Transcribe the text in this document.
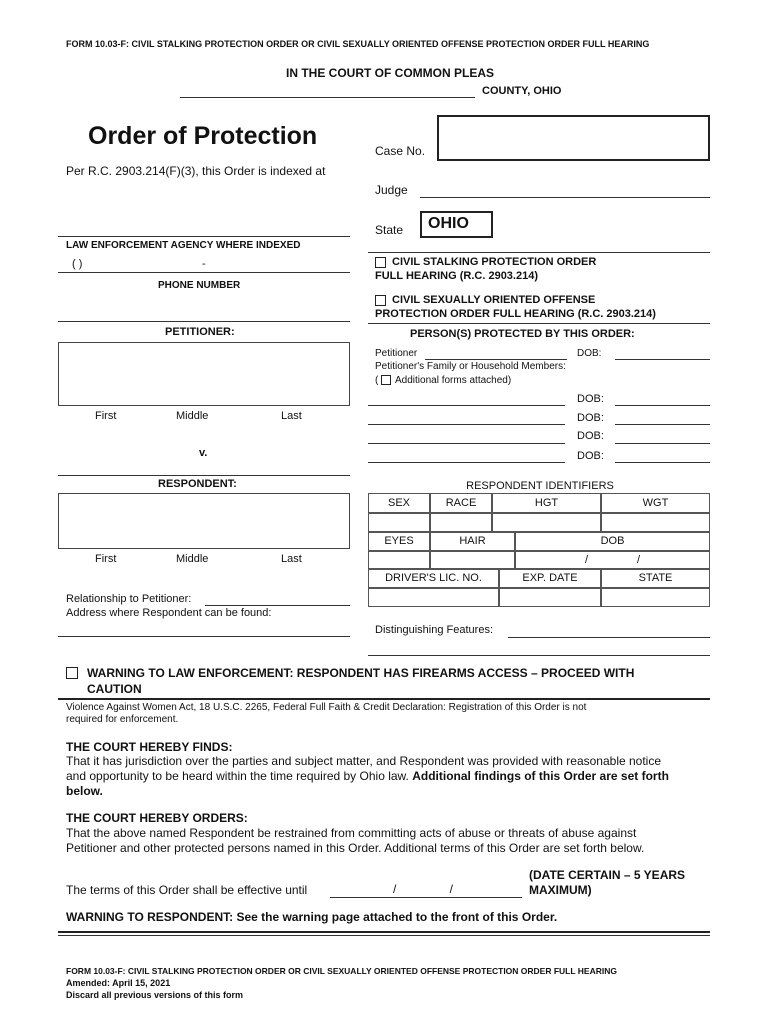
FORM 10.03-F: CIVIL STALKING PROTECTION ORDER OR CIVIL SEXUALLY ORIENTED OFFENSE PROTECTION ORDER FULL HEARING
IN THE COURT OF COMMON PLEAS
COUNTY, OHIO
Order of Protection
Per R.C. 2903.214(F)(3), this Order is indexed at
Case No.
Judge
State OHIO
LAW ENFORCEMENT AGENCY WHERE INDEXED
( )	-
PHONE NUMBER
CIVIL STALKING PROTECTION ORDER
FULL HEARING (R.C. 2903.214)
CIVIL SEXUALLY ORIENTED OFFENSE
PROTECTION ORDER FULL HEARING (R.C. 2903.214)
PETITIONER:
First	Middle	Last
v.
PERSON(S) PROTECTED BY THIS ORDER:
Petitioner	DOB:
Petitioner's Family or Household Members:
( Additional forms attached)
DOB:
DOB:
DOB:
DOB:
RESPONDENT:
First	Middle	Last
Relationship to Petitioner:
Address where Respondent can be found:
RESPONDENT IDENTIFIERS
SEX	RACE	HGT	WGT
EYES	HAIR	DOB
/                /
DRIVER'S LIC. NO.	EXP. DATE	STATE
Distinguishing Features:
WARNING TO LAW ENFORCEMENT: RESPONDENT HAS FIREARMS ACCESS – PROCEED WITH
CAUTION
Violence Against Women Act, 18 U.S.C. 2265, Federal Full Faith & Credit Declaration: Registration of this Order is not
required for enforcement.
THE COURT HEREBY FINDS:
That it has jurisdiction over the parties and subject matter, and Respondent was provided with reasonable notice
and opportunity to be heard within the time required by Ohio law. Additional findings of this Order are set forth
below.
THE COURT HEREBY ORDERS:
That the above named Respondent be restrained from committing acts of abuse or threats of abuse against
Petitioner and other protected persons named in this Order. Additional terms of this Order are set forth below.
The terms of this Order shall be effective until	/                /
(DATE CERTAIN – 5 YEARS
MAXIMUM)
WARNING TO RESPONDENT: See the warning page attached to the front of this Order.
FORM 10.03-F: CIVIL STALKING PROTECTION ORDER OR CIVIL SEXUALLY ORIENTED OFFENSE PROTECTION ORDER FULL HEARING
Amended: April 15, 2021
Discard all previous versions of this form
